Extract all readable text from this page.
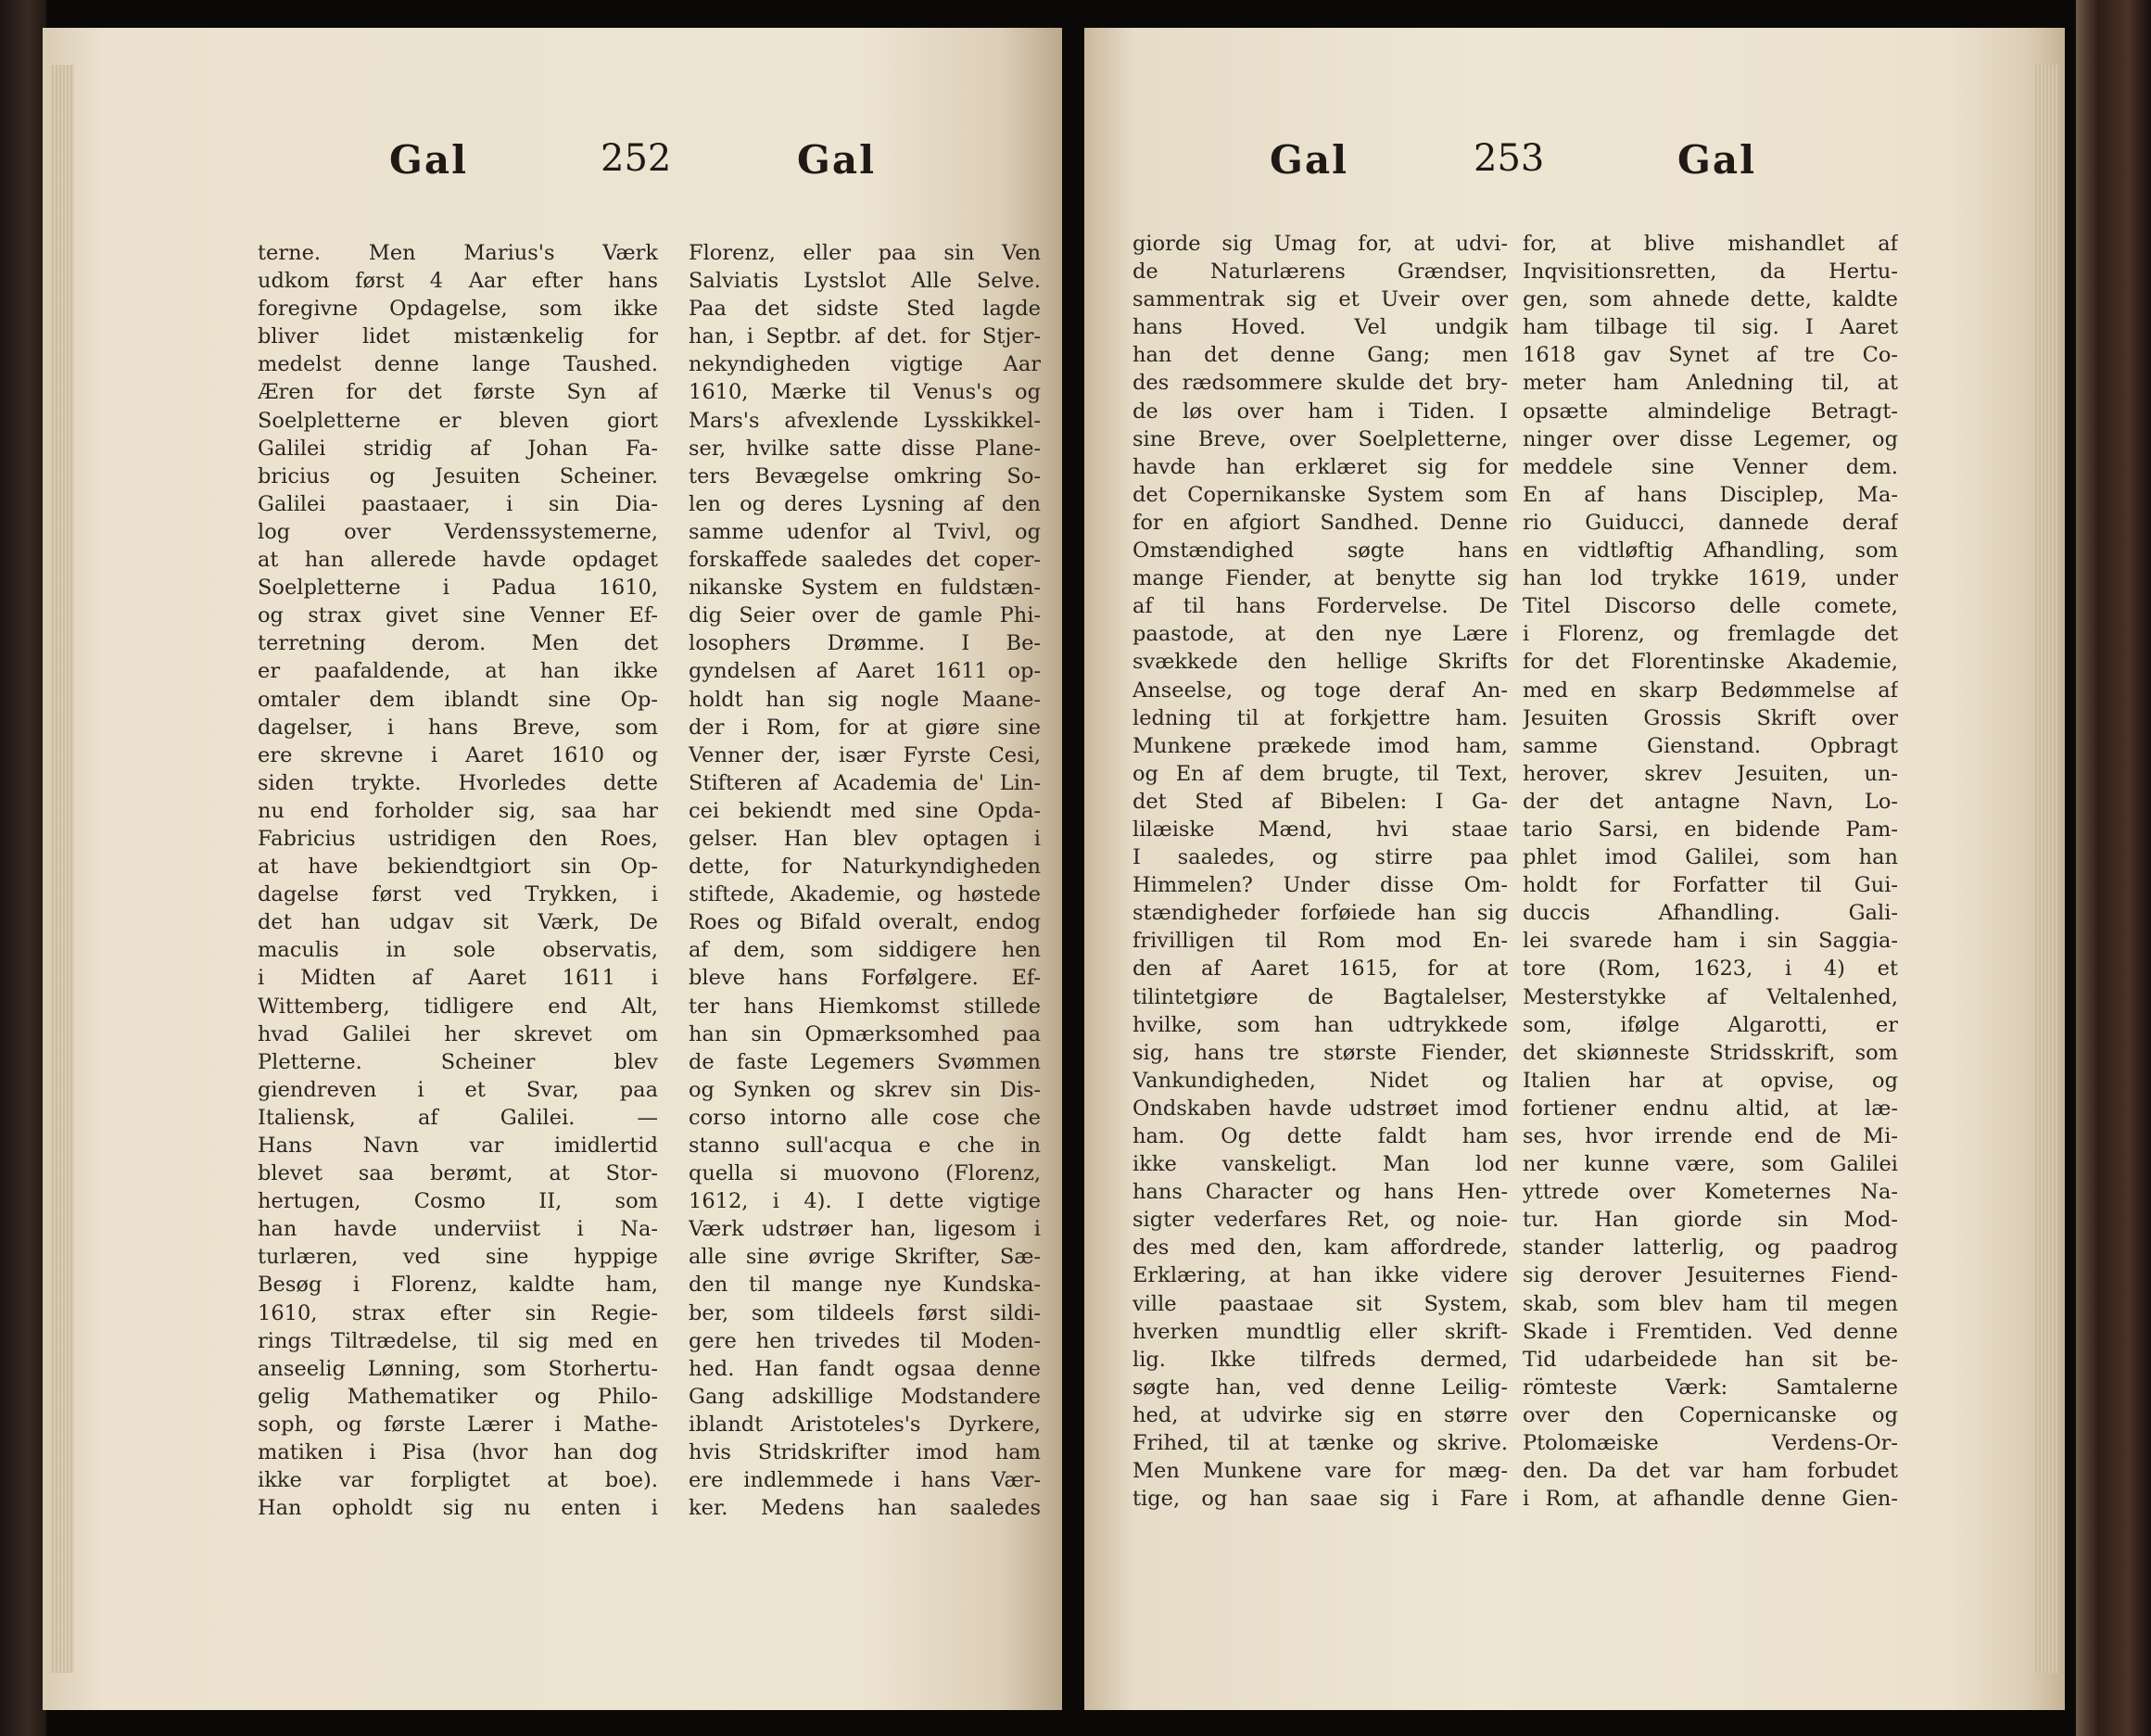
Gal	252	Gal
terne. Men Marius's Værk
udkom først 4 Aar efter hans
foregivne Opdagelse, som ikke
bliver lidet mistænkelig for
medelst denne lange Taushed.
Æren for det første Syn af
Soelpletterne er bleven giort
Galilei stridig af Johan Fa-
bricius og Jesuiten Scheiner.
Galilei paastaaer, i sin Dia-
log over Verdenssystemerne,
at han allerede havde opdaget
Soelpletterne i Padua 1610,
og strax givet sine Venner Ef-
terretning derom. Men det
er paafaldende, at han ikke
omtaler dem iblandt sine Op-
dagelser, i hans Breve, som
ere skrevne i Aaret 1610 og
siden trykte. Hvorledes dette
nu end forholder sig, saa har
Fabricius ustridigen den Roes,
at have bekiendtgiort sin Op-
dagelse først ved Trykken, i
det han udgav sit Værk, De
maculis in sole observatis,
i Midten af Aaret 1611 i
Wittemberg, tidligere end Alt,
hvad Galilei her skrevet om
Pletterne. Scheiner blev
giendreven i et Svar, paa
Italiensk, af Galilei. —
Hans Navn var imidlertid
blevet saa berømt, at Stor-
hertugen, Cosmo II, som
han havde underviist i Na-
turlæren, ved sine hyppige
Besøg i Florenz, kaldte ham,
1610, strax efter sin Regie-
rings Tiltrædelse, til sig med en
anseelig Lønning, som Storhertu-
gelig Mathematiker og Philo-
soph, og første Lærer i Mathe-
matiken i Pisa (hvor han dog
ikke var forpligtet at boe).
Han opholdt sig nu enten i
Florenz, eller paa sin Ven
Salviatis Lystslot Alle Selve.
Paa det sidste Sted lagde
han, i Septbr. af det. for Stjer-
nekyndigheden vigtige Aar
1610, Mærke til Venus's og
Mars's afvexlende Lysskikkel-
ser, hvilke satte disse Plane-
ters Bevægelse omkring So-
len og deres Lysning af den
samme udenfor al Tvivl, og
forskaffede saaledes det coper-
nikanske System en fuldstæn-
dig Seier over de gamle Phi-
losophers Drømme. I Be-
gyndelsen af Aaret 1611 op-
holdt han sig nogle Maane-
der i Rom, for at giøre sine
Venner der, især Fyrste Cesi,
Stifteren af Academia de' Lin-
cei bekiendt med sine Opda-
gelser. Han blev optagen i
dette, for Naturkyndigheden
stiftede, Akademie, og høstede
Roes og Bifald overalt, endog
af dem, som siddigere hen
bleve hans Forfølgere. Ef-
ter hans Hiemkomst stillede
han sin Opmærksomhed paa
de faste Legemers Svømmen
og Synken og skrev sin Dis-
corso intorno alle cose che
stanno sull'acqua e che in
quella si muovono (Florenz,
1612, i 4). I dette vigtige
Værk udstrøer han, ligesom i
alle sine øvrige Skrifter, Sæ-
den til mange nye Kundska-
ber, som tildeels først sildi-
gere hen trivedes til Moden-
hed. Han fandt ogsaa denne
Gang adskillige Modstandere
iblandt Aristoteles's Dyrkere,
hvis Stridskrifter imod ham
ere indlemmede i hans Vær-
ker. Medens han saaledes
Gal	253	Gal
giorde sig Umag for, at udvi-
de Naturlærens Grændser,
sammentrak sig et Uveir over
hans Hoved. Vel undgik
han det denne Gang; men
des rædsommere skulde det bry-
de løs over ham i Tiden. I
sine Breve, over Soelpletterne,
havde han erklæret sig for
det Copernikanske System som
for en afgiort Sandhed. Denne
Omstændighed søgte hans
mange Fiender, at benytte sig
af til hans Fordervelse. De
paastode, at den nye Lære
svækkede den hellige Skrifts
Anseelse, og toge deraf An-
ledning til at forkjettre ham.
Munkene prækede imod ham,
og En af dem brugte, til Text,
det Sted af Bibelen: I Ga-
lilæiske Mænd, hvi staae
I saaledes, og stirre paa
Himmelen? Under disse Om-
stændigheder forføiede han sig
frivilligen til Rom mod En-
den af Aaret 1615, for at
tilintetgiøre de Bagtalelser,
hvilke, som han udtrykkede
sig, hans tre største Fiender,
Vankundigheden, Nidet og
Ondskaben havde udstrøet imod
ham. Og dette faldt ham
ikke vanskeligt. Man lod
hans Character og hans Hen-
sigter vederfares Ret, og noie-
des med den, kam affordrede,
Erklæring, at han ikke videre
ville paastaae sit System,
hverken mundtlig eller skrift-
lig. Ikke tilfreds dermed,
søgte han, ved denne Leilig-
hed, at udvirke sig en større
Frihed, til at tænke og skrive.
Men Munkene vare for mæg-
tige, og han saae sig i Fare
for, at blive mishandlet af
Inqvisitionsretten, da Hertu-
gen, som ahnede dette, kaldte
ham tilbage til sig. I Aaret
1618 gav Synet af tre Co-
meter ham Anledning til, at
opsætte almindelige Betragt-
ninger over disse Legemer, og
meddele sine Venner dem.
En af hans Disciplер, Ma-
rio Guiducci, dannede deraf
en vidtløftig Afhandling, som
han lod trykke 1619, under
Titel Discorso delle comete,
i Florenz, og fremlagde det
for det Florentinske Akademie,
med en skarp Bedømmelse af
Jesuiten Grossis Skrift over
samme Gienstand. Opbragt
herover, skrev Jesuiten, un-
der det antagne Navn, Lo-
tario Sarsi, en bidende Pam-
phlet imod Galilei, som han
holdt for Forfatter til Gui-
duccis Afhandling. Gali-
lei svarede ham i sin Saggia-
tore (Rom, 1623, i 4) et
Mesterstykke af Veltalenhed,
som, ifølge Algarotti, er
det skiønneste Stridsskrift, som
Italien har at opvise, og
fortiener endnu altid, at læ-
ses, hvor irrende end de Mi-
ner kunne være, som Galilei
yttrede over Kometernes Na-
tur. Han giorde sin Mod-
stander latterlig, og paadrog
sig derover Jesuiternes Fiend-
skab, som blev ham til megen
Skade i Fremtiden. Ved denne
Tid udarbeidede han sit be-
römteste Værk: Samtalerne
over den Copernicanske og
Ptolomæiske Verdens-Or-
den. Da det var ham forbudet
i Rom, at afhandle denne Gien-
